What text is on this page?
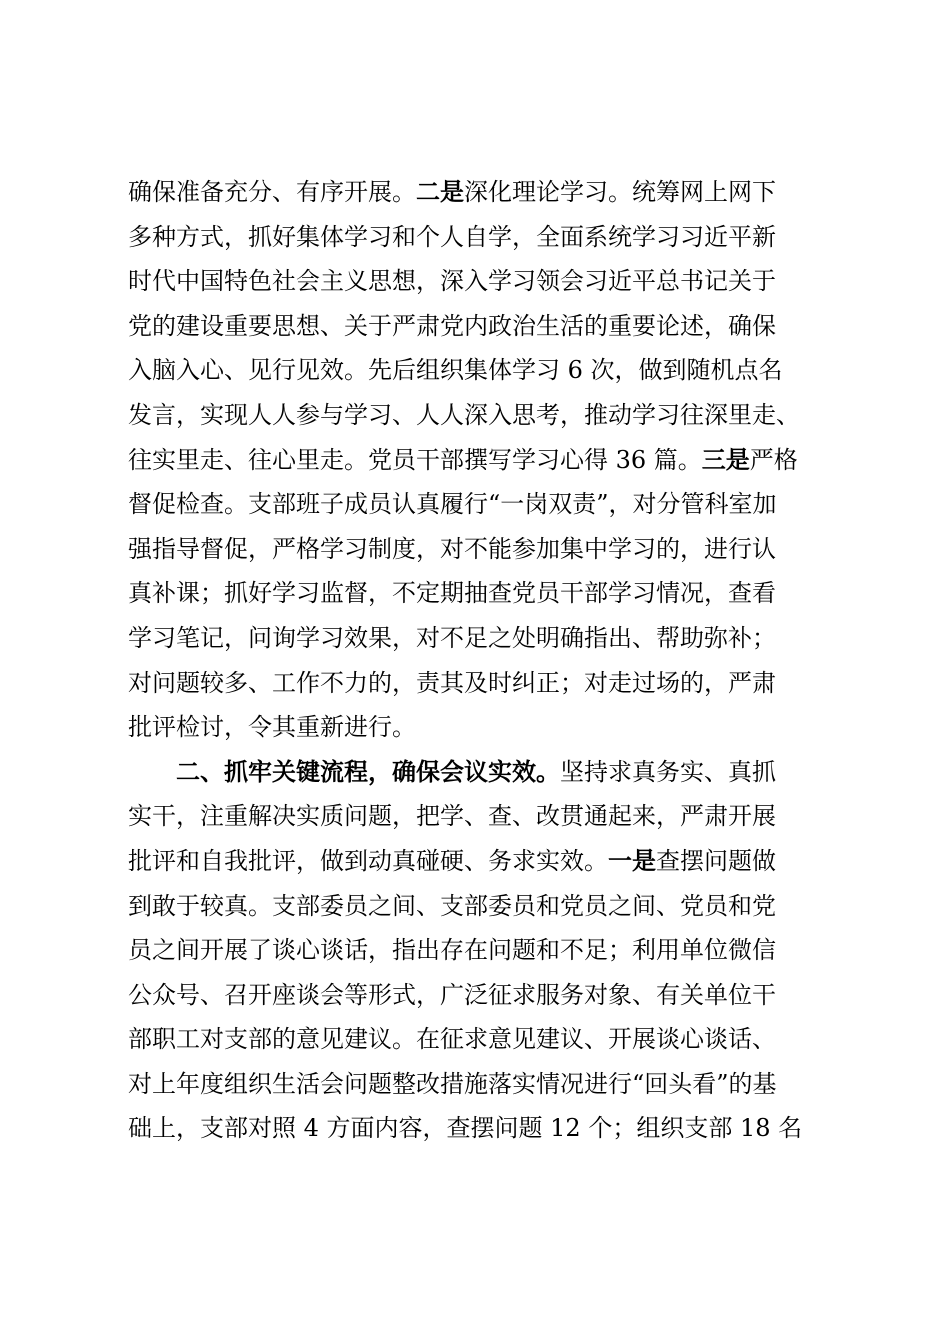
确保准备充分、有序开展。二是深化理论学习。统筹网上网下
多种方式，抓好集体学习和个人自学，全面系统学习习近平新
时代中国特色社会主义思想，深入学习领会习近平总书记关于
党的建设重要思想、关于严肃党内政治生活的重要论述，确保
入脑入心、见行见效。先后组织集体学习 6 次，做到随机点名
发言，实现人人参与学习、人人深入思考，推动学习往深里走、
往实里走、往心里走。党员干部撰写学习心得 36 篇。三是严格
督促检查。支部班子成员认真履行“一岗双责”，对分管科室加
强指导督促，严格学习制度，对不能参加集中学习的，进行认
真补课；抓好学习监督，不定期抽查党员干部学习情况，查看
学习笔记，问询学习效果，对不足之处明确指出、帮助弥补；
对问题较多、工作不力的，责其及时纠正；对走过场的，严肃
批评检讨，令其重新进行。
二、抓牢关键流程，确保会议实效。坚持求真务实、真抓
实干，注重解决实质问题，把学、查、改贯通起来，严肃开展
批评和自我批评，做到动真碰硬、务求实效。一是查摆问题做
到敢于较真。支部委员之间、支部委员和党员之间、党员和党
员之间开展了谈心谈话，指出存在问题和不足；利用单位微信
公众号、召开座谈会等形式，广泛征求服务对象、有关单位干
部职工对支部的意见建议。在征求意见建议、开展谈心谈话、
对上年度组织生活会问题整改措施落实情况进行“回头看”的基
础上，支部对照 4 方面内容，查摆问题 12 个；组织支部 18 名
